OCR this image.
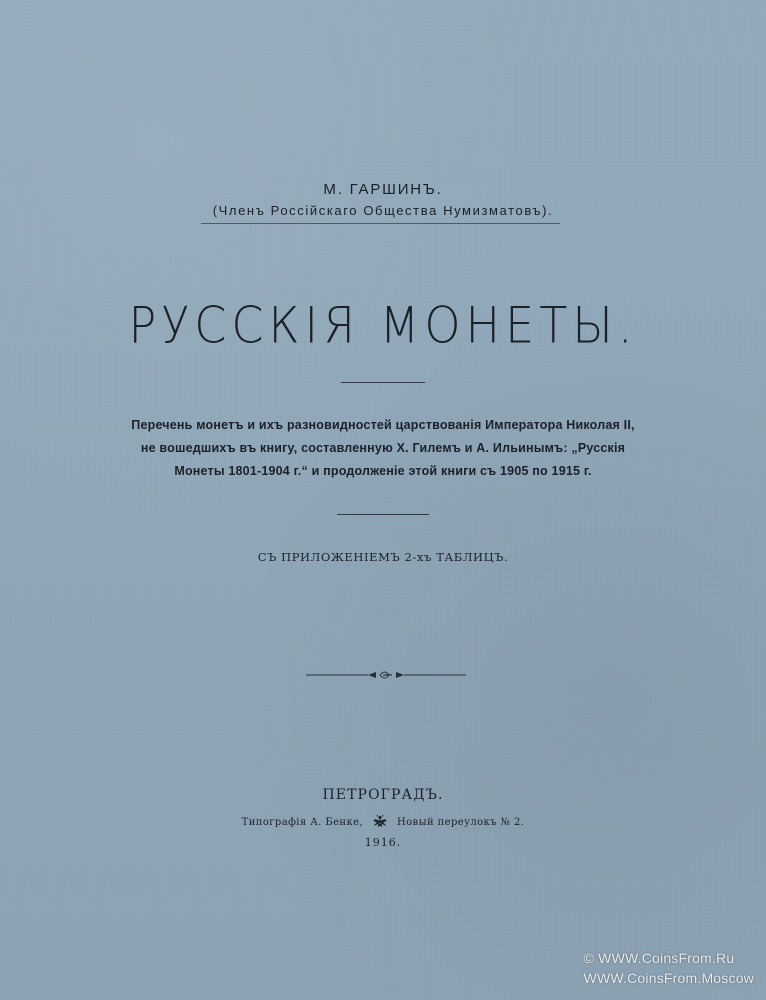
М. ГАРШИНЪ.
(Членъ Россійскаго Общества Нумизматовъ).
РУССКІЯ МОНЕТЫ.
Перечень монетъ и ихъ разновидностей царствованія Императора Николая II,
не вошедшихъ въ книгу, составленную Х. Гилемъ и А. Ильинымъ: „Русскія
Монеты 1801-1904 г.“ и продолженіе этой книги съ 1905 по 1915 г.
СЪ ПРИЛОЖЕНІЕМЪ 2-хъ ТАБЛИЦЪ.
ПЕТРОГРАДЪ.
Типографія А. Бенке,	Новый переулокъ № 2.
1916.
© WWW.CoinsFrom.Ru
WWW.CoinsFrom.Moscow
